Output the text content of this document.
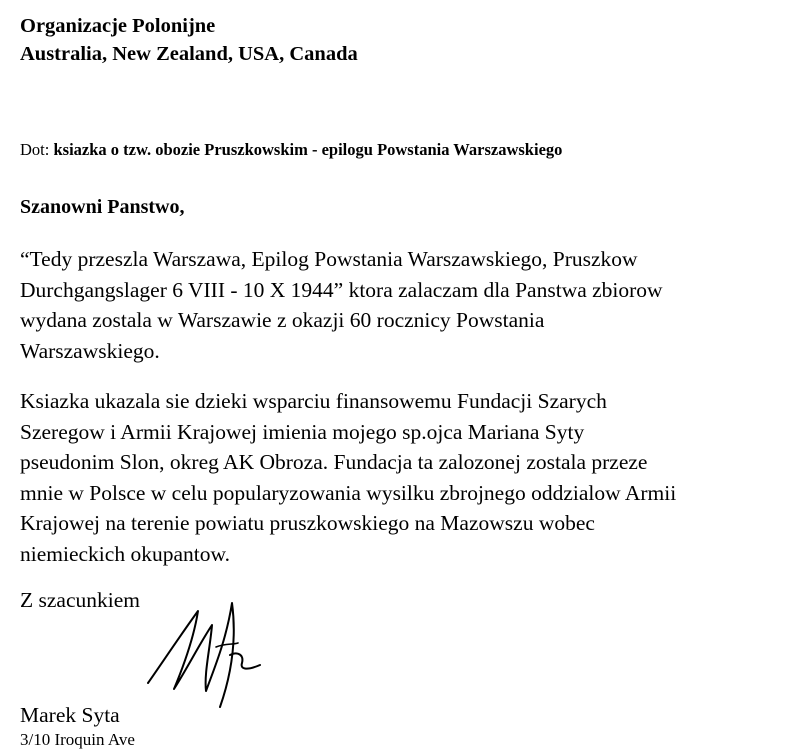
Organizacje Polonijne
Australia, New Zealand, USA, Canada
Dot: ksiazka o tzw. obozie Pruszkowskim - epilogu Powstania Warszawskiego
Szanowni Panstwo,
“Tedy przeszla Warszawa, Epilog Powstania Warszawskiego, Pruszkow
Durchgangslager 6 VIII - 10 X 1944” ktora zalaczam dla Panstwa zbiorow
wydana zostala w Warszawie z okazji 60 rocznicy Powstania
Warszawskiego.
Ksiazka ukazala sie dzieki wsparciu finansowemu Fundacji Szarych
Szeregow i Armii Krajowej imienia mojego sp.ojca Mariana Syty
pseudonim Slon, okreg AK Obroza. Fundacja ta zalozonej zostala przeze
mnie w Polsce w celu popularyzowania wysilku zbrojnego oddzialow Armii
Krajowej na terenie powiatu pruszkowskiego na Mazowszu wobec
niemieckich okupantow.
Z szacunkiem
Marek Syta
3/10 Iroquin Ave
